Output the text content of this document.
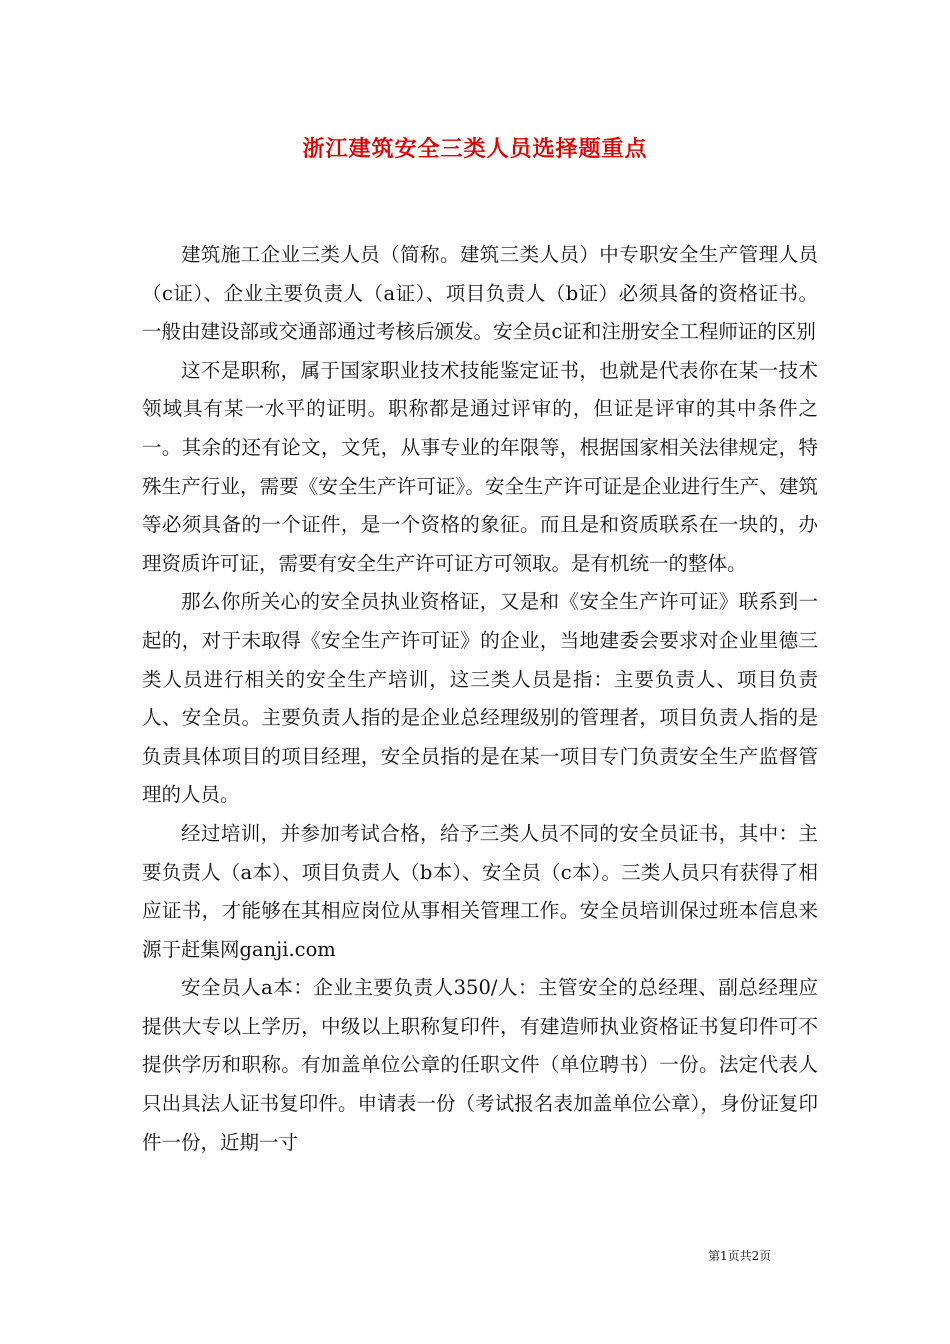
浙江建筑安全三类人员选择题重点

建筑施工企业三类人员（简称。建筑三类人员）中专职安全生产管理人员（c证）、企业主要负责人（a证）、项目负责人（b证）必须具备的资格证书。一般由建设部或交通部通过考核后颁发。安全员c证和注册安全工程师证的区别

这不是职称，属于国家职业技术技能鉴定证书，也就是代表你在某一技术领域具有某一水平的证明。职称都是通过评审的，但证是评审的其中条件之一。其余的还有论文，文凭，从事专业的年限等，根据国家相关法律规定，特殊生产行业，需要《安全生产许可证》。安全生产许可证是企业进行生产、建筑等必须具备的一个证件，是一个资格的象征。而且是和资质联系在一块的，办理资质许可证，需要有安全生产许可证方可领取。是有机统一的整体。

那么你所关心的安全员执业资格证，又是和《安全生产许可证》联系到一起的，对于未取得《安全生产许可证》的企业，当地建委会要求对企业里德三类人员进行相关的安全生产培训，这三类人员是指：主要负责人、项目负责人、安全员。主要负责人指的是企业总经理级别的管理者，项目负责人指的是负责具体项目的项目经理，安全员指的是在某一项目专门负责安全生产监督管理的人员。

经过培训，并参加考试合格，给予三类人员不同的安全员证书，其中：主要负责人（a本）、项目负责人（b本）、安全员（c本）。三类人员只有获得了相应证书，才能够在其相应岗位从事相关管理工作。安全员培训保过班本信息来源于赶集网ganji.com

安全员人a本：企业主要负责人350/人：主管安全的总经理、副总经理应提供大专以上学历，中级以上职称复印件，有建造师执业资格证书复印件可不提供学历和职称。有加盖单位公章的任职文件（单位聘书）一份。法定代表人只出具法人证书复印件。申请表一份（考试报名表加盖单位公章），身份证复印件一份，近期一寸

第1页共2页
